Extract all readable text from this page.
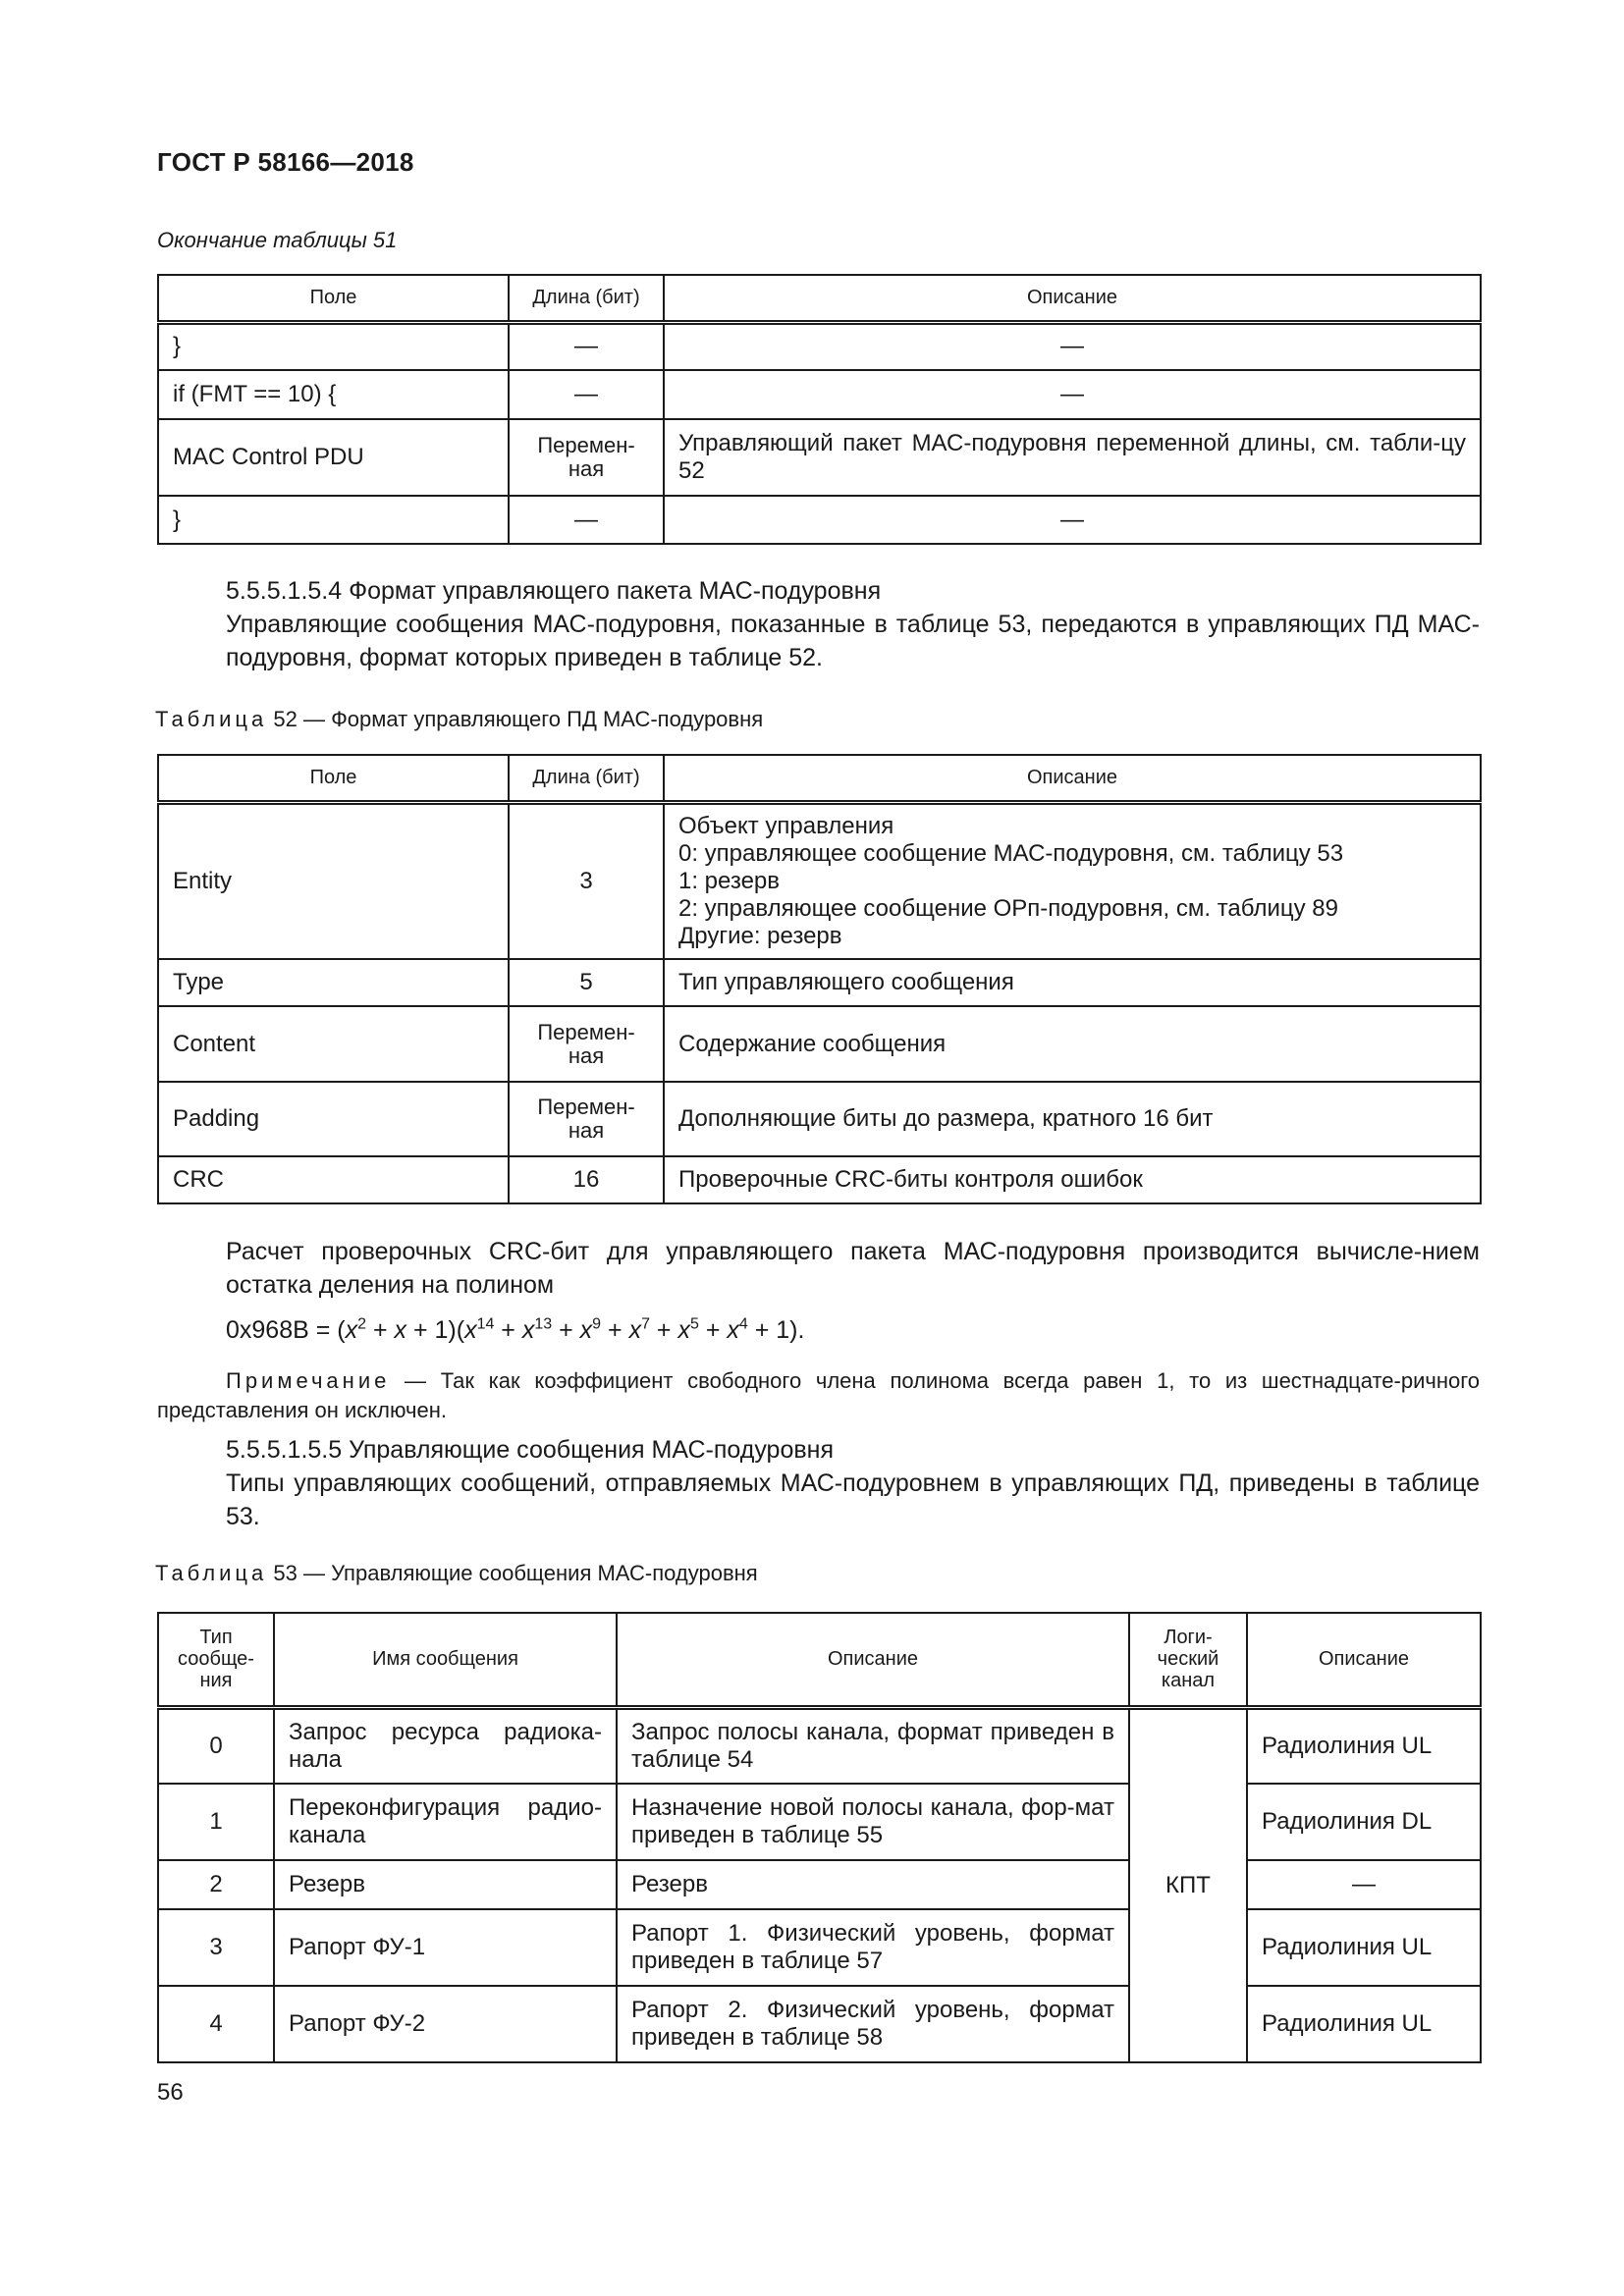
ГОСТ Р 58166—2018
Окончание таблицы 51
Поле	Длина (бит)	Описание
}	—	—
if (FMT == 10) {	—	—
MAC Control PDU	Перемен-ная	Управляющий пакет МАС-подуровня переменной длины, см. табли-цу 52
}	—	—
5.5.5.1.5.4 Формат управляющего пакета МАС-подуровня
Управляющие сообщения МАС-подуровня, показанные в таблице 53, передаются в управляющих ПД МАС-подуровня, формат которых приведен в таблице 52.
Таблица 52 — Формат управляющего ПД МАС-подуровня
Поле	Длина (бит)	Описание
Entity	3	Объект управления
0: управляющее сообщение МАС-подуровня, см. таблицу 53
1: резерв
2: управляющее сообщение ОРп-подуровня, см. таблицу 89
Другие: резерв
Type	5	Тип управляющего сообщения
Content	Перемен-ная	Содержание сообщения
Padding	Перемен-ная	Дополняющие биты до размера, кратного 16 бит
CRC	16	Проверочные CRC-биты контроля ошибок
Расчет проверочных CRC-бит для управляющего пакета МАС-подуровня производится вычисле-нием остатка деления на полином
$0x968B = (x^2 + x + 1)(x^{14} + x^{13} + x^9 + x^7 + x^5 + x^4 + 1)$.
Примечание — Так как коэффициент свободного члена полинома всегда равен 1, то из шестнадцате-ричного представления он исключен.
5.5.5.1.5.5 Управляющие сообщения МАС-подуровня
Типы управляющих сообщений, отправляемых МАС-подуровнем в управляющих ПД, приведены в таблице 53.
Таблица 53 — Управляющие сообщения МАС-подуровня
Тип сообще-ния	Имя сообщения	Описание	Логи-ческий канал	Описание
0	Запрос ресурса радиока-нала	Запрос полосы канала, формат приведен в таблице 54	КПТ	Радиолиния UL
1	Переконфигурация радио-канала	Назначение новой полосы канала, фор-мат приведен в таблице 55		Радиолиния DL
2	Резерв	Резерв		—
3	Рапорт ФУ-1	Рапорт 1. Физический уровень, формат приведен в таблице 57		Радиолиния UL
4	Рапорт ФУ-2	Рапорт 2. Физический уровень, формат приведен в таблице 58		Радиолиния UL
56
